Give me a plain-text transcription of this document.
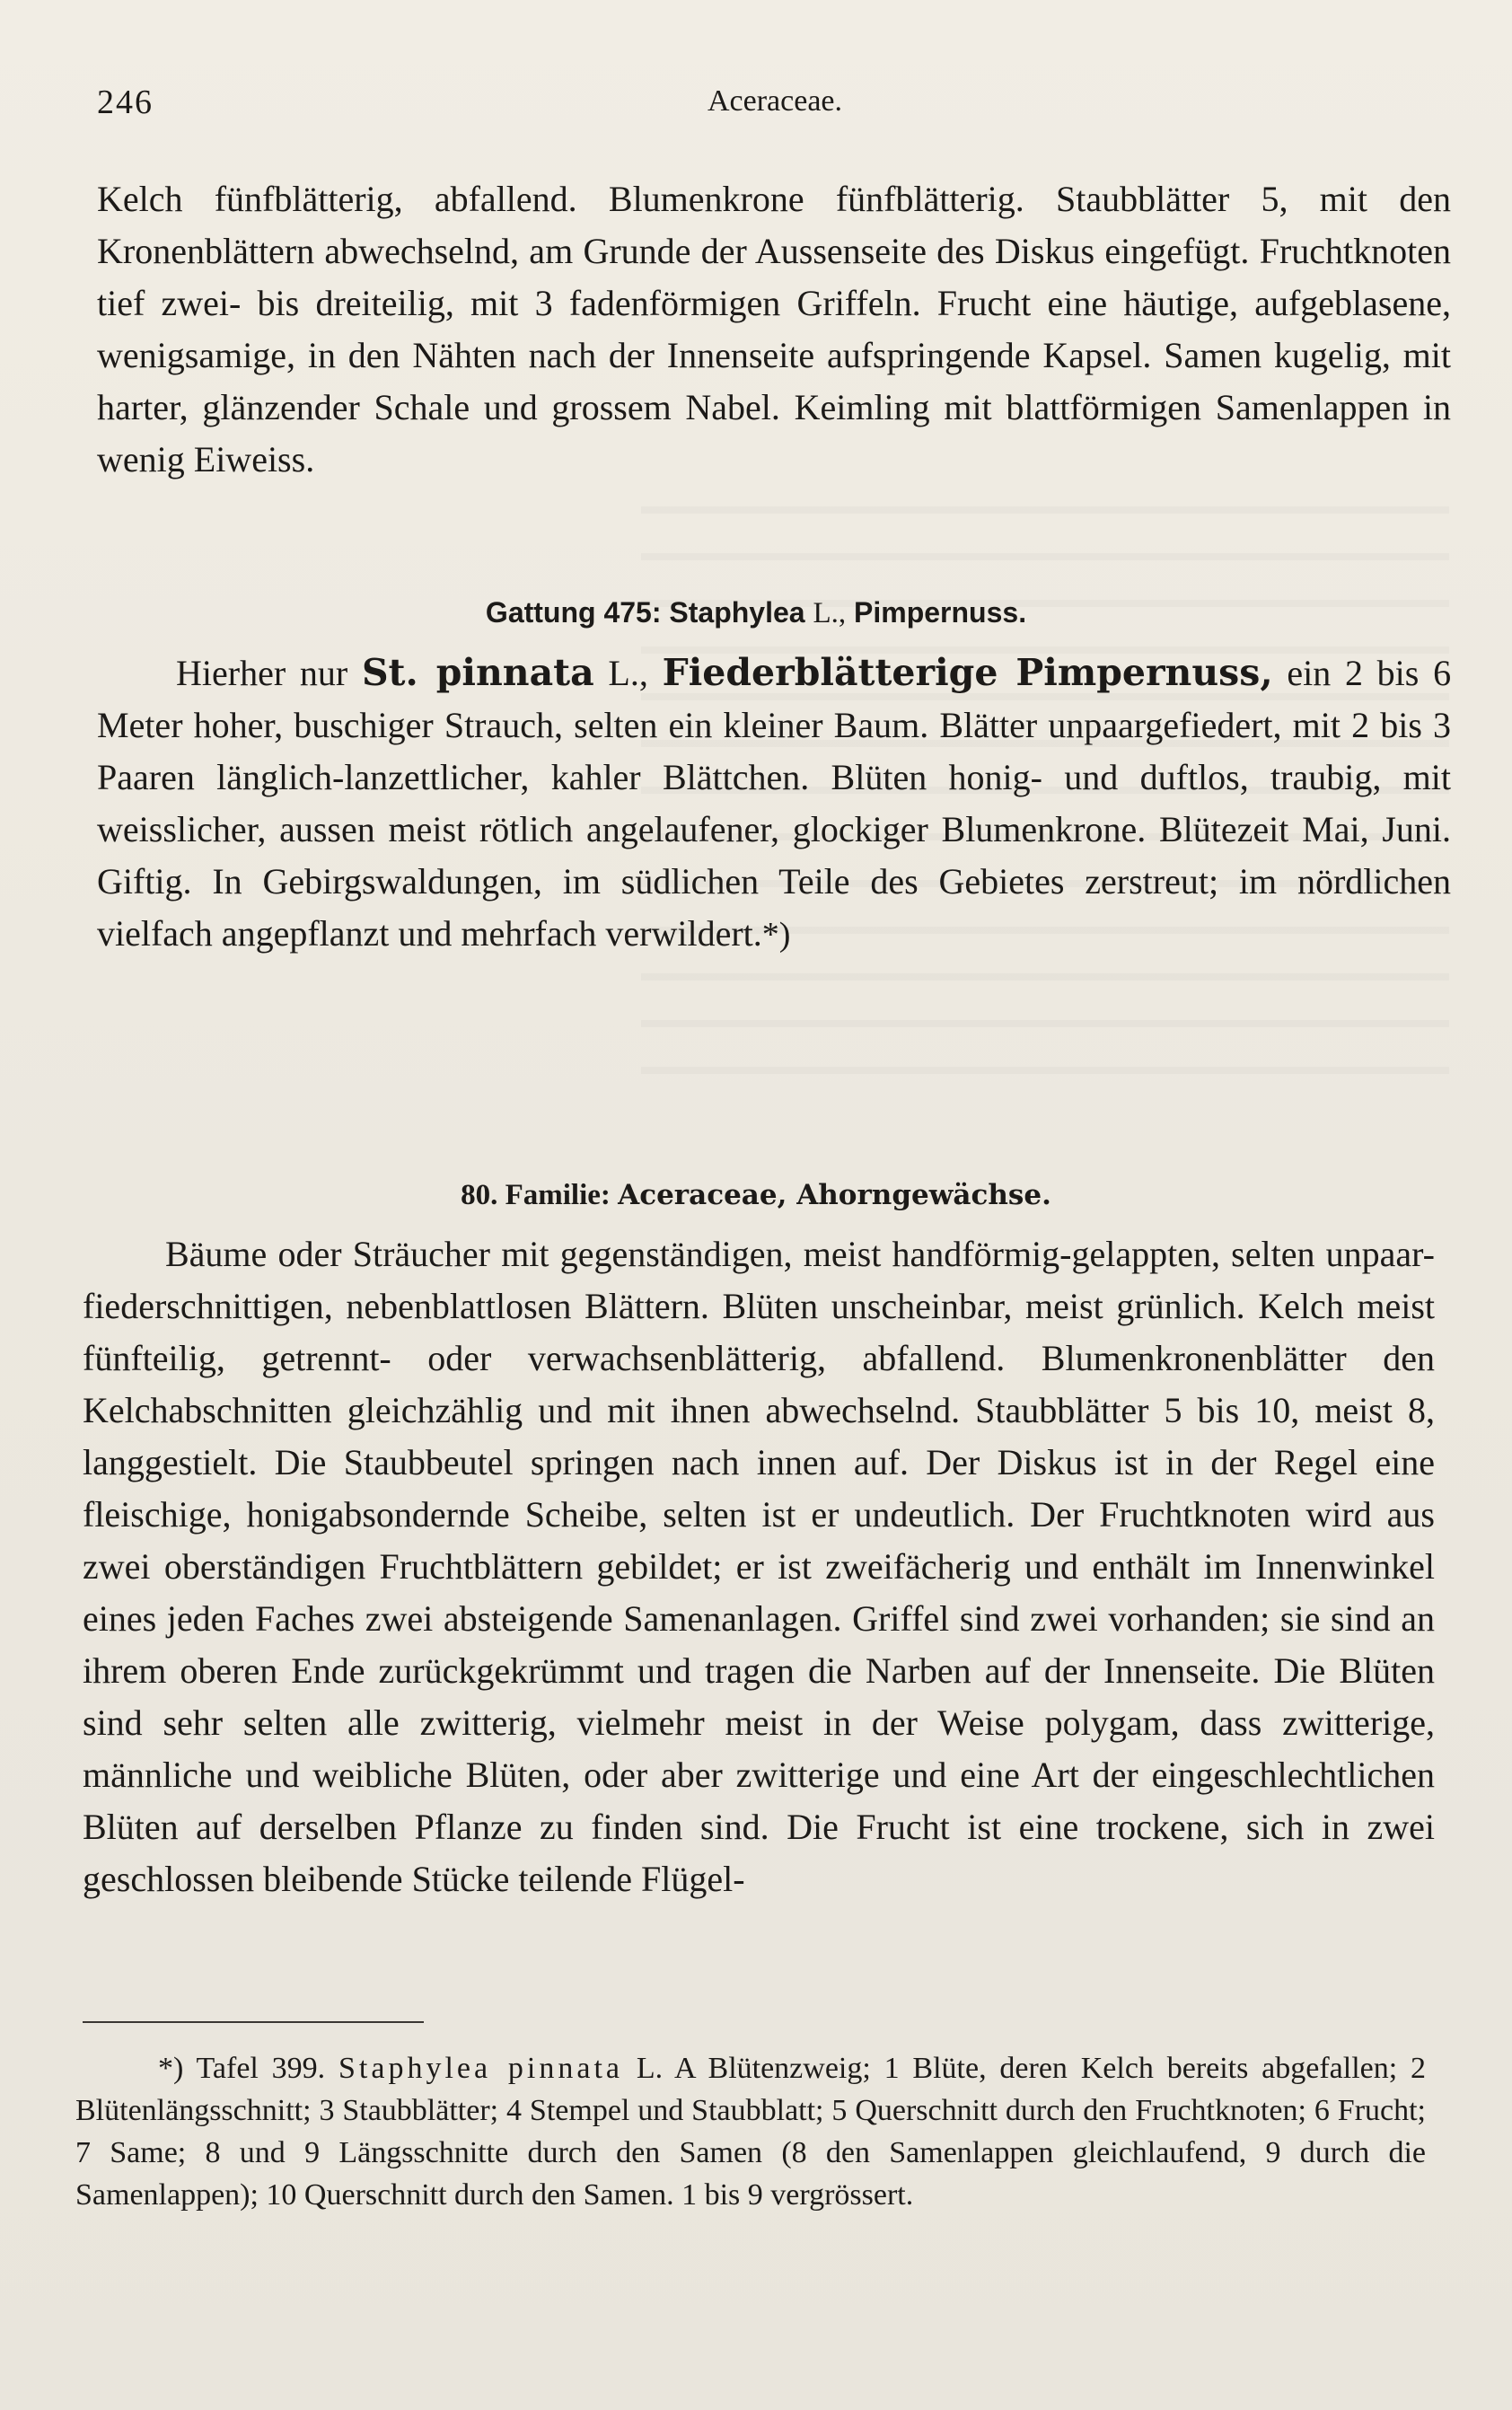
246	Aceraceae.

Kelch fünfblätterig, abfallend. Blumenkrone fünfblätterig. Staubblätter 5, mit den Kronenblättern abwechselnd, am Grunde der Aussenseite des Diskus eingefügt. Fruchtknoten tief zwei- bis dreiteilig, mit 3 fadenförmigen Griffeln. Frucht eine häutige, aufgeblasene, wenigsamige, in den Nähten nach der Innenseite aufspringende Kapsel. Samen kugelig, mit harter, glänzender Schale und grossem Nabel. Keimling mit blattförmigen Samenlappen in wenig Eiweiss.

Gattung 475: Staphylea L., Pimpernuss.

Hierher nur St. pinnata L., Fiederblätterige Pimpernuss, ein 2 bis 6 Meter hoher, buschiger Strauch, selten ein kleiner Baum. Blätter unpaargefiedert, mit 2 bis 3 Paaren länglich-lanzettlicher, kahler Blättchen. Blüten honig- und duftlos, traubig, mit weisslicher, aussen meist rötlich angelaufener, glockiger Blumenkrone. Blütezeit Mai, Juni. Giftig. In Gebirgswaldungen, im südlichen Teile des Gebietes zerstreut; im nördlichen vielfach angepflanzt und mehrfach verwildert.*)

80. Familie: Aceraceae, Ahorngewächse.

Bäume oder Sträucher mit gegenständigen, meist handförmig-gelappten, selten unpaar-fiederschnittigen, nebenblattlosen Blättern. Blüten unscheinbar, meist grünlich. Kelch meist fünfteilig, getrennt- oder verwachsenblätterig, abfallend. Blumenkronenblätter den Kelchabschnitten gleichzählig und mit ihnen abwechselnd. Staubblätter 5 bis 10, meist 8, langgestielt. Die Staubbeutel springen nach innen auf. Der Diskus ist in der Regel eine fleischige, honigabsondernde Scheibe, selten ist er undeutlich. Der Fruchtknoten wird aus zwei oberständigen Fruchtblättern gebildet; er ist zweifächerig und enthält im Innenwinkel eines jeden Faches zwei absteigende Samenanlagen. Griffel sind zwei vorhanden; sie sind an ihrem oberen Ende zurückgekrümmt und tragen die Narben auf der Innenseite. Die Blüten sind sehr selten alle zwitterig, vielmehr meist in der Weise polygam, dass zwitterige, männliche und weibliche Blüten, oder aber zwitterige und eine Art der eingeschlechtlichen Blüten auf derselben Pflanze zu finden sind. Die Frucht ist eine trockene, sich in zwei geschlossen bleibende Stücke teilende Flügel-

*) Tafel 399. Staphylea pinnata L. A Blütenzweig; 1 Blüte, deren Kelch bereits abgefallen; 2 Blütenlängsschnitt; 3 Staubblätter; 4 Stempel und Staubblatt; 5 Querschnitt durch den Fruchtknoten; 6 Frucht; 7 Same; 8 und 9 Längsschnitte durch den Samen (8 den Samenlappen gleichlaufend, 9 durch die Samenlappen); 10 Querschnitt durch den Samen. 1 bis 9 vergrössert.
